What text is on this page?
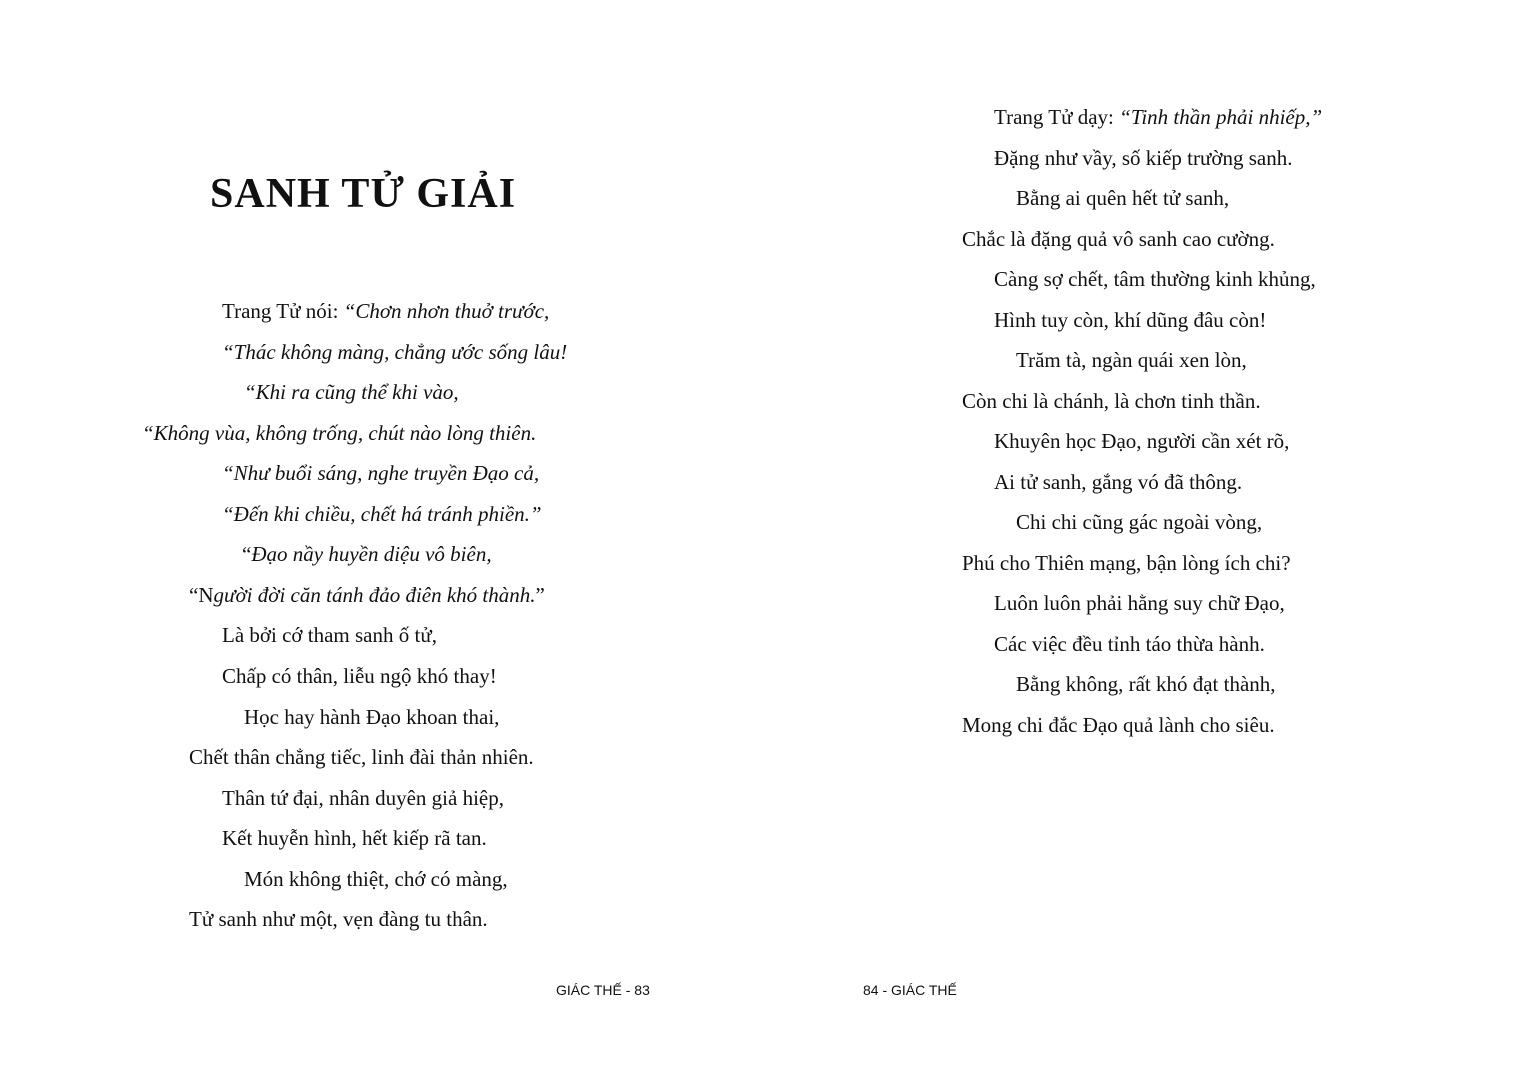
SANH TỬ GIẢI
Trang Tử nói: “Chơn nhơn thuở trước,
“Thác không màng, chẳng ước sống lâu!
“Khi ra cũng thể khi vào,
“Không vùa, không trống, chút nào lòng thiên.
“Như buổi sáng, nghe truyền Đạo cả,
“Đến khi chiều, chết há tránh phiền.”
“Đạo nầy huyền diệu vô biên,
“Người đời căn tánh đảo điên khó thành.”
Là bởi cớ tham sanh ố tử,
Chấp có thân, liễu ngộ khó thay!
Học hay hành Đạo khoan thai,
Chết thân chẳng tiếc, linh đài thản nhiên.
Thân tứ đại, nhân duyên giả hiệp,
Kết huyễn hình, hết kiếp rã tan.
Món không thiệt, chớ có màng,
Tử sanh như một, vẹn đàng tu thân.
GIÁC THẾ - 83
Trang Tử dạy: “Tinh thần phải nhiếp,”
Đặng như vầy, số kiếp trường sanh.
Bằng ai quên hết tử sanh,
Chắc là đặng quả vô sanh cao cường.
Càng sợ chết, tâm thường kinh khủng,
Hình tuy còn, khí dũng đâu còn!
Trăm tà, ngàn quái xen lòn,
Còn chi là chánh, là chơn tinh thần.
Khuyên học Đạo, người cần xét rõ,
Ai tử sanh, gắng vó đã thông.
Chi chi cũng gác ngoài vòng,
Phú cho Thiên mạng, bận lòng ích chi?
Luôn luôn phải hằng suy chữ Đạo,
Các việc đều tỉnh táo thừa hành.
Bằng không, rất khó đạt thành,
Mong chi đắc Đạo quả lành cho siêu.
84 - GIÁC THẾ
